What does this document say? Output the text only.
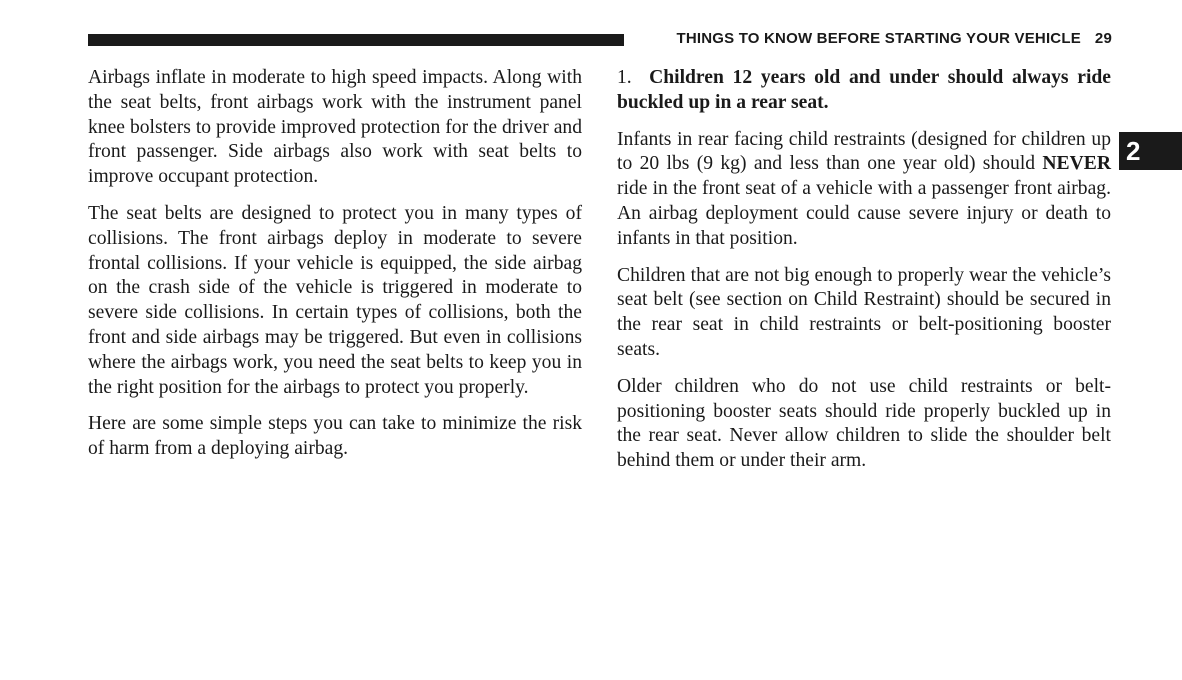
THINGS TO KNOW BEFORE STARTING YOUR VEHICLE 29

Airbags inflate in moderate to high speed impacts. Along with the seat belts, front airbags work with the instrument panel knee bolsters to provide improved protection for the driver and front passenger. Side airbags also work with seat belts to improve occupant protection.

The seat belts are designed to protect you in many types of collisions. The front airbags deploy in moderate to severe frontal collisions. If your vehicle is equipped, the side airbag on the crash side of the vehicle is triggered in moderate to severe side collisions. In certain types of collisions, both the front and side airbags may be triggered. But even in collisions where the airbags work, you need the seat belts to keep you in the right position for the airbags to protect you properly.

Here are some simple steps you can take to minimize the risk of harm from a deploying airbag.

1. Children 12 years old and under should always ride buckled up in a rear seat.

Infants in rear facing child restraints (designed for children up to 20 lbs (9 kg) and less than one year old) should NEVER ride in the front seat of a vehicle with a passenger front airbag. An airbag deployment could cause severe injury or death to infants in that position.

Children that are not big enough to properly wear the vehicle’s seat belt (see section on Child Restraint) should be secured in the rear seat in child restraints or belt-positioning booster seats.

Older children who do not use child restraints or belt-positioning booster seats should ride properly buckled up in the rear seat. Never allow children to slide the shoulder belt behind them or under their arm.

2
